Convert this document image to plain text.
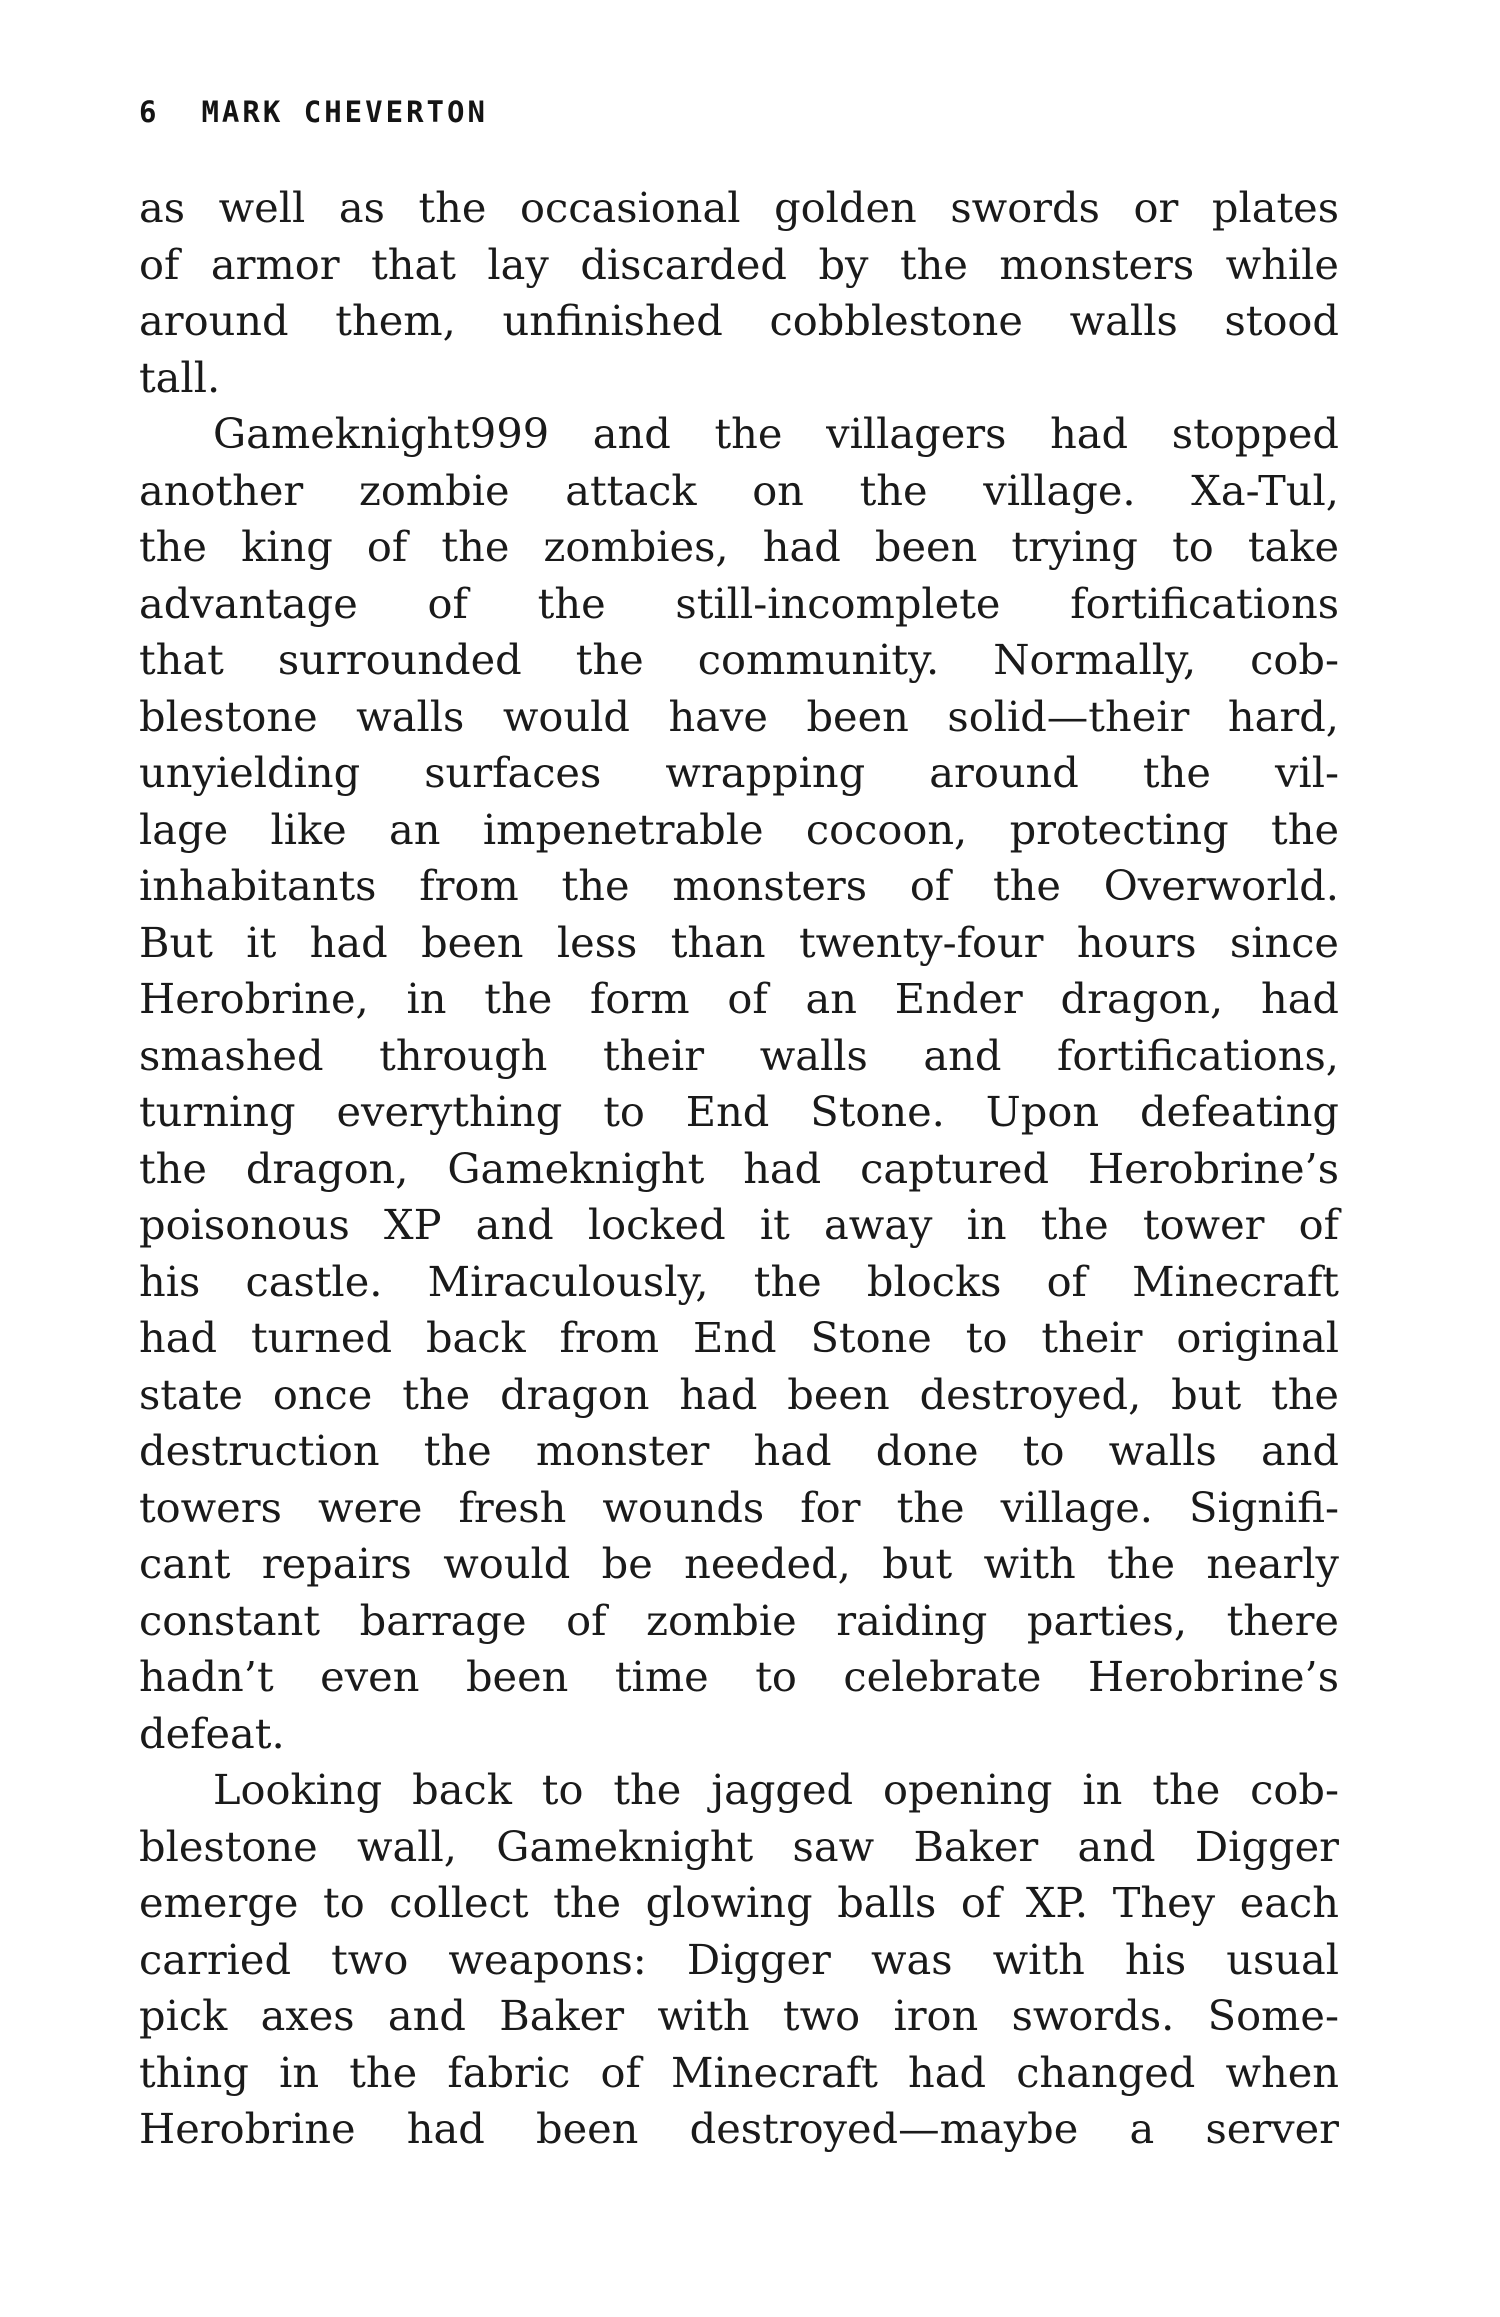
6 MARK CHEVERTON
as well as the occasional golden swords or plates
of armor that lay discarded by the monsters while
around them, unfinished cobblestone walls stood
tall.
Gameknight999 and the villagers had stopped
another zombie attack on the village. Xa-Tul,
the king of the zombies, had been trying to take
advantage of the still-incomplete fortifications
that surrounded the community. Normally, cob-
blestone walls would have been solid—their hard,
unyielding surfaces wrapping around the vil-
lage like an impenetrable cocoon, protecting the
inhabitants from the monsters of the Overworld.
But it had been less than twenty-four hours since
Herobrine, in the form of an Ender dragon, had
smashed through their walls and fortifications,
turning everything to End Stone. Upon defeating
the dragon, Gameknight had captured Herobrine’s
poisonous XP and locked it away in the tower of
his castle. Miraculously, the blocks of Minecraft
had turned back from End Stone to their original
state once the dragon had been destroyed, but the
destruction the monster had done to walls and
towers were fresh wounds for the village. Signifi-
cant repairs would be needed, but with the nearly
constant barrage of zombie raiding parties, there
hadn’t even been time to celebrate Herobrine’s
defeat.
Looking back to the jagged opening in the cob-
blestone wall, Gameknight saw Baker and Digger
emerge to collect the glowing balls of XP. They each
carried two weapons: Digger was with his usual
pick axes and Baker with two iron swords. Some-
thing in the fabric of Minecraft had changed when
Herobrine had been destroyed—maybe a server
